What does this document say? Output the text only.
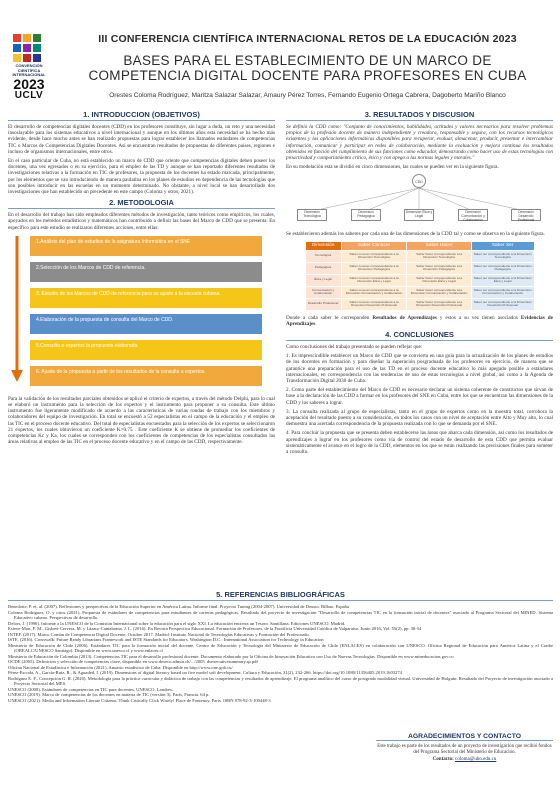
CONVENCIÓN
CIENTÍFICA
INTERNACIONAL
2023
UCLV
III CONFERENCIA CIENTÍFICA INTERNACIONAL RETOS DE LA EDUCACIÓN 2023
BASES PARA EL ESTABLECIMIENTO DE UN MARCO DE
COMPETENCIA DIGITAL DOCENTE PARA PROFESORES EN CUBA
Orestes Coloma Rodríguez, Maritza Salazar Salazar, Amaury Pérez Torres, Fernando Eugenio Ortega Cabrera, Dagoberto Mariño Blanco
1. INTRODUCCION (OBJETIVOS)

El desarrollo de competencias digitales docentes (CDD) en los profesores constituye, sin lugar a duda, un reto y una necesidad insoslayable para los sistemas educativos a nivel internacional y aunque en los últimos años esta necesidad se ha hecho más evidente, desde hace mucho antes se han realizado propuestas para lograr establecer los llamados estándares de competencias TIC o Marcos de Competencias Digitales Docentes. Así se encuentran resultados de propuestas de diferentes países, regiones e incluso de organismos internacionales, entre otros.

En el caso particular de Cuba, no está establecido un marco de CDD que oriente que competencias digitales deben poseer los docentes, una vez egresados o en su ejercicio, para el empleo de las TD y aunque se han reportado diferentes resultados de investigaciones relativas a la formación en TIC de profesores, la propuesta de los docentes ha estado marcada, principalmente, por los elementos que se van introduciendo de manera paulatina en los planes de estudios en dependencia de las tecnologías que son posibles introducir en las escuelas en un momento determinado. No obstante, a nivel local se han desarrollado dos investigaciones que han establecido un precedente en este campo (Coloma y otros, 2021).

2. METODOLOGIA

En el desarrollo del trabajo han sido empleados diferentes métodos de investigación, tanto teóricos como empíricos, los cuales, apoyados en los métodos estadísticos y matemáticos han contribuido a definir las bases del Marco de CDD que se presenta. En específico para este estudio se realizaron diferentes acciones, entre ellas:

1.Análisis del plan de estudios de la asignatura Informática en el SNE
2.Selección de los Marcos de CDD de referencia.
3. Estudio de los Marcos de CDD de referencia para su ajuste a la escuela cubana.
4.Elaboración de la propuesta de consulta del Marco de CDD.
5.Consulta a expertos la propuesta elaborada.
6. Ajuste de la propuesta a partir de los resultados de la consulta a expertos.

Para la validación de los resultados parciales obtenidos se aplicó el criterio de expertos, a través del método Delphi, para lo cual se elaboró un instrumento para la selección de los expertos y el instrumento para proponer a su consulta. Este último instrumento fue ligeramente modificado de acuerdo a las características de varias rondas de trabajo con los miembros y colaboradores del equipo de investigación. En total se encuestó a 52 especialistas en el campo de la educación y el empleo de las TIC en el proceso docente educativo. Del total de especialistas encuestados para la selección de los expertos se seleccionaron 21 expertos, los cuales obtuvieron un coeficiente K>0.75 . Este coeficiente K se obtiene de promediar los coeficientes de competencias Kc y Ka, los cuales se corresponden con los coeficientes de competencias de los especialistas consultados las áreas relativas al empleo de las TIC en el proceso docente educativo y en el campo de las CDD, respectivamente.

3. RESULTADOS Y DISCUSION

Se definió la CDD como: "Conjunto de conocimientos, habilidades, actitudes y valores necesarios para resolver problemas propios de la profesión docente de manera independiente y creadora, responsable y segura, con los recursos tecnológicos existentes y las aplicaciones informáticas disponibles para recuperar, evaluar, almacenar, producir, presentar e intercambiar información, comunicar y participar en redes de colaboración, mediante la evaluación y mejora continua los resultados obtenidos en función del cumplimiento de sus funciones como educador, demostrando como hacer uso de estas tecnologías con proactividad y comportamiento crítico, ético y con apego a las normas legales y morales."

En su modelación esta se dividió en cinco dimensiones, las cuales se pueden ver en la siguiente figura.

CDD
Dimensión Tecnológica
Dimensión Pedagógica
Dimensión Ética y Legal
Dimensión Comunicación y Colaboración
Dimensión Desarrollo Profesional

Se establecieron además los saberes por cada una de las dimensiones de la CDD tal y como se observa en la siguiente figura.

Dimensión	Saber Conocer	Saber Hacer	Saber Ser
Tecnológica	Saber conocer correspondiente a la Dimensión Tecnológica	Saber hacer correspondiente a la Dimensión Tecnológica	Saber ser correspondiente a la Dimensión Tecnológica
Pedagógica	Saber conocer correspondiente a la Dimensión Pedagógica	Saber hacer correspondiente a la Dimensión Pedagógica	Saber ser correspondiente a la Dimensión Pedagógica
Ética y Legal	Saber conocer correspondiente a la Dimensión Ética y Legal	Saber hacer correspondiente a la Dimensión Ética y Legal	Saber ser correspondiente a la Dimensión Ética y Legal
Comunicación y Colaboración	Saber conocer correspondiente a la Dimensión Comunicación y Colaboración	Saber hacer correspondiente a la Dimensión Comunicación y Colaboración	Saber ser correspondiente a la Dimensión Comunicación y Colaboración
Desarrollo Profesional	Saber conocer correspondiente a la Dimensión Desarrollo Profesional	Saber hacer correspondiente a la Dimensión Desarrollo Profesional	Saber ser correspondiente a la Dimensión Desarrollo Profesional

Donde a cada saber le corresponden Resultados de Aprendizajes y estos a su vez tienen asociados Evidencias de Aprendizajes.

4. CONCLUSIONES

Como conclusiones del trabajo presentado se pueden reflejar que:

1. Es imprescindible establecer un Marco de CDD que se convierta en una guía para la actualización de los planes de estudios de los docentes en formación y para diseñar la superación posgraduada de los profesores en ejercicio, de manera que se garantice una preparación para el uso de las TD en el proceso docente educativo lo más apegado posible a estándares internacionales, en correspondencia con las tendencias de uso de estas tecnologías a nivel global, así como a la Agenda de Transformación Digital 2030 de Cuba.

2. Como parte del establecimiento del Marco de CDD es necesario declarar un sistema coherente de constructos que sirvan de base a la declaración de las CDD a formar en los profesores del SNE en Cuba, entre los que se encuentran las dimensiones de la CDD y los saberes a lograr.

3. La consulta realizada al grupo de especialistas, tanto en el grupo de expertos como en la muestra total, corrobora la aceptación del resultado puesto a su consideración, en todos los casos con un nivel de aceptación entre Alto y Muy alto, lo cual demuestra una acertada correspondencia de la propuesta realizada con lo que se demanda por el SNE.

4. Para concluir la propuesta que se presenta deben establecerse las áreas que abarca cada dimensión, así como los resultados de aprendizajes a lograr en los profesores como vía de control del estado de desarrollo de esta CDD que permita evaluar sistemáticamente el avance en el logro de la CDD, elementos en los que se están realizando las precisiones finales para someter a consulta.

5. REFERENCIAS BIBLIOGRÁFICAS

Benedotte, P. et. al. (2007). Reflexiones y perspectivas de la Educación Superior en América Latina. Informe final. Proyecto Tuning (2004-2007). Universidad de Deusto. Bilbao. España

Coloma Rodríguez, O. y otros (2021). Propuesta de estándares de competencias para estudiantes de carreras pedagógicas. Resultado del proyecto de investigación "Desarrollo de competencias TIC en la formación inicial de docentes" asociado al Programa Sectorial del MINED. Sistema Educativo cubano. Perspectivas de desarrollo.

Delors, J. (1996). Informe a la UNESCO de la Comisión Internacional sobre la educación para el siglo XXI. La educación encierra un Tesoro. Santillana. Ediciones UNESCO. Madrid.

Esteve-Mon, F. M., Gisbert-Cervera, M. y Lázaro-Cantabrana, J. L. (2016). En Revista Perspectiva Educacional. Formación de Profesores, de la Pontificia Universidad Católica de Valparaíso. Junio 2016, Vol. 55(2), pp. 38-54

INTEF. (2017). Marco Común de Competencia Digital Docente. Octubre 2017. Madrid: Instituto Nacional de Tecnologías Educativas y Formación del Profesorado.

ISTE. (2016). Crosswalk: Future Ready Librarians Framework and ISTE Standards for Educators. Washington D.C.: International Association for Technology in Education

Ministerio de Educación de Chile (2006). Estándares TIC para la formación inicial del docente. Centro de Educación y Tecnología del Ministerio de Educación de Chile (ENLACES) en colaboración con UNESCO. Oficina Regional de Educación para América Latina y el Caribe (OREALC/UNESCO Santiago). Disponible en www.unesco.cl y www.enlaces.cl

Ministerio de Educación de Colombia (2013). Competencias TIC para el desarrollo profesional docente. Documento elaborado por la Oficina de Innovación Educativa con Uso de Nuevas Tecnologías. Disponible en www.mineducacion.gov.co

OCDE (2005). Definición y selección de competencias clave, disponible en www.deseco.admin.ch/.../2005. dsexecutivesummary.sp.pdf

Oficina Nacional de Estadística e Información (2021). Anuario estadístico de Cuba. Disponible en http://www.one.gob.cu/

Pérez-Escoda, A., García-Ruiz, R., & Aguaded, I. (2019). Dimensions of digital literacy based on five model soft development. Cultura y Educación, 31(2), 232-266. https://doi.org/10.1080/11356405.2019.1603274

Rodríguez E. F., Concepción G. R. (2020). Metodología para la práctica curricular y didáctica de trabajo con las competencias y resultados de aprendizaje. El programa analítico del curso de postgrado modalidad virtual. Universidad de Holguín. Resultado del Proyecto de investigación asociado a Proyecto Sectorial del MES.

UNESCO (2008). Estándares de competencias en TIC para docentes. UNESCO, Londres.

UNESCO (2019). Marco de competencias de los docentes en materia de TIC (versión 3). París, Francia. 64 p.

UNESCO (2021). Media and Information Literate Citizens. Think Critically Click Wisely! Place de Fontenoy, Paris. ISBN 978-92-3-100448-3

AGRADECIMIENTOS Y CONTACTO
Este trabajo es parte de los resultados de un proyecto de investigación que recibió fondos del Programa Sectorial del Ministerio de Educación.
Contacto: coloma@uho.edu.cu
